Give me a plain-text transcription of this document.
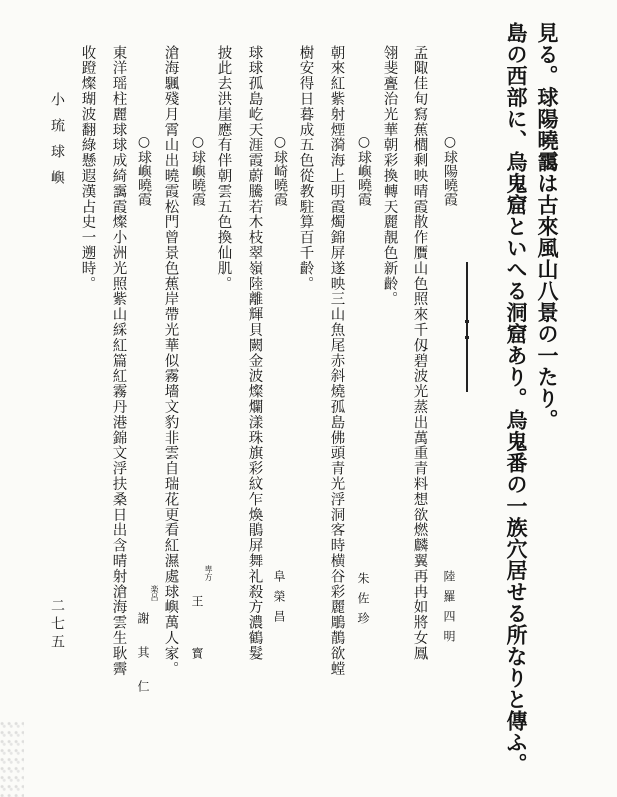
見る。球陽曉靄は古來風山八景の一たり。
島の西部に、烏鬼窟といへる洞窟あり。烏鬼番の一族穴居せる所なりと傳ふ。
○球陽曉霞
陸羅四明
孟陬佳旬寫蕉櫚剩映晴霞散作贋山色照來千仭碧波光蒸出萬重青料想欲燃麟翼再冉如將女鳳
翎斐亹治光華朝彩換轉天麗靚色新齡。
○球嶼曉霞
朱佐珍
朝來紅紫射煙漪海上明霞燭錦屏遂映三山魚尾赤斜燒孤島佛頭青光浮洞客時横谷彩麗鵰鶄欲螳
樹安得日暮成五色從教駐算百千齡。
○球崎曉霞
阜榮昌
球球孤島屹天涯霞蔚騰若木枝翠嶺陸離輝貝闕金波燦爛漾珠旗彩紋乍煥鵑屏舞礼殺方濃鶴髮
披此去洪崖應有伴朝雲五色換仙肌。
○球嶼曉霞
卑方
王寳
滄海颿殘月霄山出曉霞松門曾景色蕉岸帶光華似霧墻文豹非雲自瑞花更看紅濕處球嶼萬人家。
○球嶼曉霞
楽呂
謝其仁
東洋瑶柱麗球球成綺靄霞燦小洲光照紫山綵紅篇紅霧丹港錦文浮扶桑日出含晴射滄海雲生耿霽
收蹬燦瑚波翻綠懸遐漢占史一遡時。
小琉球嶼
二七五
